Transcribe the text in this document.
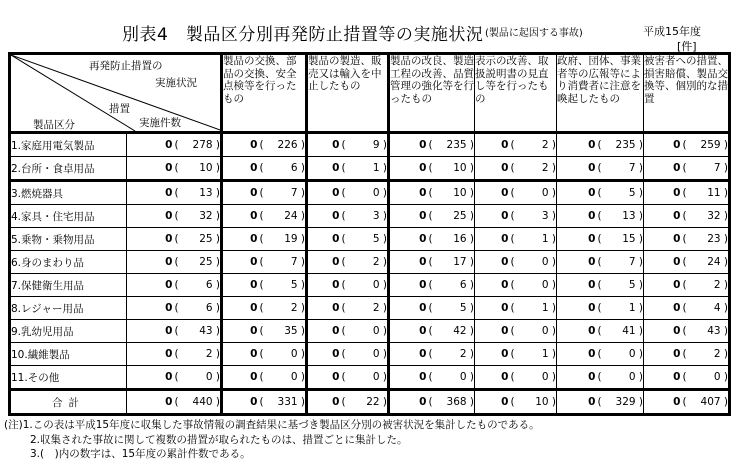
別表4　製品区分別再発防止措置等の実施状況 (製品に起因する事故)	平成15年度
[件]
再発防止措置の
実施状況
措置
実施件数
製品区分		製品の交換、部品の交換、安全点検等を行ったもの	製品の製造、販売又は輸入を中止したもの	製品の改良、製造工程の改善、品質管理の強化等を行ったもの	表示の改善、取扱説明書の見直し等を行ったもの	政府、団体、事業者等の広報等により消費者に注意を喚起したもの	被害者への措置、損害賠償、製品交換等、個別的な措置
1.家庭用電気製品	0 ( 278 )	0 ( 226 )	0 ( 9 )	0 ( 235 )	0 ( 2 )	0 ( 235 )	0 ( 259 )
2.台所・食卓用品	0 ( 10 )	0 ( 6 )	0 ( 1 )	0 ( 10 )	0 ( 2 )	0 ( 7 )	0 ( 7 )
3.燃焼器具	0 ( 13 )	0 ( 7 )	0 ( 0 )	0 ( 10 )	0 ( 0 )	0 ( 5 )	0 ( 11 )
4.家具・住宅用品	0 ( 32 )	0 ( 24 )	0 ( 3 )	0 ( 25 )	0 ( 3 )	0 ( 13 )	0 ( 32 )
5.乗物・乗物用品	0 ( 25 )	0 ( 19 )	0 ( 5 )	0 ( 16 )	0 ( 1 )	0 ( 15 )	0 ( 23 )
6.身のまわり品	0 ( 25 )	0 ( 7 )	0 ( 2 )	0 ( 17 )	0 ( 0 )	0 ( 7 )	0 ( 24 )
7.保健衛生用品	0 ( 6 )	0 ( 5 )	0 ( 0 )	0 ( 6 )	0 ( 0 )	0 ( 5 )	0 ( 2 )
8.レジャー用品	0 ( 6 )	0 ( 2 )	0 ( 2 )	0 ( 5 )	0 ( 1 )	0 ( 1 )	0 ( 4 )
9.乳幼児用品	0 ( 43 )	0 ( 35 )	0 ( 0 )	0 ( 42 )	0 ( 0 )	0 ( 41 )	0 ( 43 )
10.繊維製品	0 ( 2 )	0 ( 0 )	0 ( 0 )	0 ( 2 )	0 ( 1 )	0 ( 0 )	0 ( 2 )
11.その他	0 ( 0 )	0 ( 0 )	0 ( 0 )	0 ( 0 )	0 ( 0 )	0 ( 0 )	0 ( 0 )
合計	0 ( 440 )	0 ( 331 )	0 ( 22 )	0 ( 368 )	0 ( 10 )	0 ( 329 )	0 ( 407 )
(注)1.この表は平成15年度に収集した事故情報の調査結果に基づき製品区分別の被害状況を集計したものである。
2.収集された事故に関して複数の措置が取られたものは、措置ごとに集計した。
3.(　)内の数字は、15年度の累計件数である。
